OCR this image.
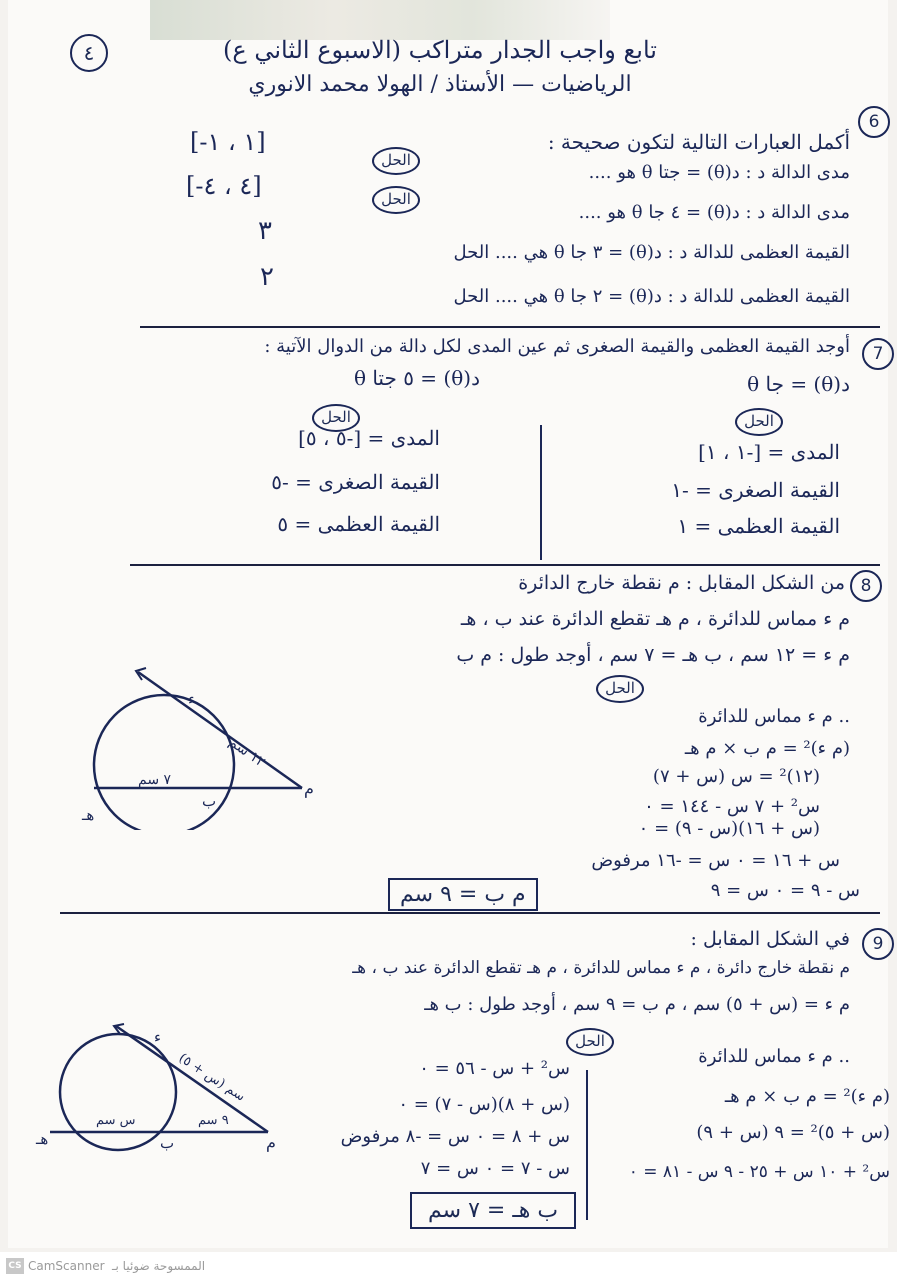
٤	تابع واجب الجدار متراكب (الاسبوع الثاني ع)
الرياضيات — الأستاذ / الهولا محمد الانوري
6
أكمل العبارات التالية لتكون صحيحة :
مدى الدالة د : د(θ) = جتا θ هو ....
الحل
[-١ ، ١]
مدى الدالة د : د(θ) = ٤ جا θ هو ....
الحل
[-٤ ، ٤]
القيمة العظمى للدالة د : د(θ) = ٣ جا θ هي .... الحل
٣
القيمة العظمى للدالة د : د(θ) = ٢ جا θ هي .... الحل
٢
7
أوجد القيمة العظمى والقيمة الصغرى ثم عين المدى لكل دالة من الدوال الآتية :
د(θ) = جا θ
الحل
المدى = [-١ ، ١]
القيمة الصغرى = -١
القيمة العظمى = ١
د(θ) = ٥ جتا θ
الحل
المدى = [-٥ ، ٥]
القيمة الصغرى = -٥
القيمة العظمى = ٥
8
من الشكل المقابل : م نقطة خارج الدائرة
م ء مماس للدائرة ، م هـ تقطع الدائرة عند ب ، هـ
م ء = ١٢ سم ، ب هـ = ٧ سم ، أوجد طول : م ب
الحل
ء
م
ب
هـ
١٢ سم
٧ سم
.. م ء مماس للدائرة
(م ء)² = م ب × م هـ
(١٢)² = س (س + ٧)
س² + ٧ س - ١٤٤ = ٠
(س + ١٦)(س - ٩) = ٠
س + ١٦ = ٠ س = -١٦ مرفوض
س - ٩ = ٠ س = ٩
م ب = ٩ سم
9
في الشكل المقابل :
م نقطة خارج دائرة ، م ء مماس للدائرة ، م هـ تقطع الدائرة عند ب ، هـ
م ء = (س + ٥) سم ، م ب = ٩ سم ، أوجد طول : ب هـ
الحل
ء
م
ب
هـ
(س + ٥) سم
س سم	٩ سم
.. م ء مماس للدائرة
(م ء)² = م ب × م هـ
(س + ٥)² = ٩ (س + ٩)
س² + ١٠ س + ٢٥ - ٩ س - ٨١ = ٠
س² + س - ٥٦ = ٠
(س + ٨)(س - ٧) = ٠
س + ٨ = ٠ س = -٨ مرفوض
س - ٧ = ٠ س = ٧
ب هـ = ٧ سم
CS CamScanner الممسوحة ضوئيا بـ
